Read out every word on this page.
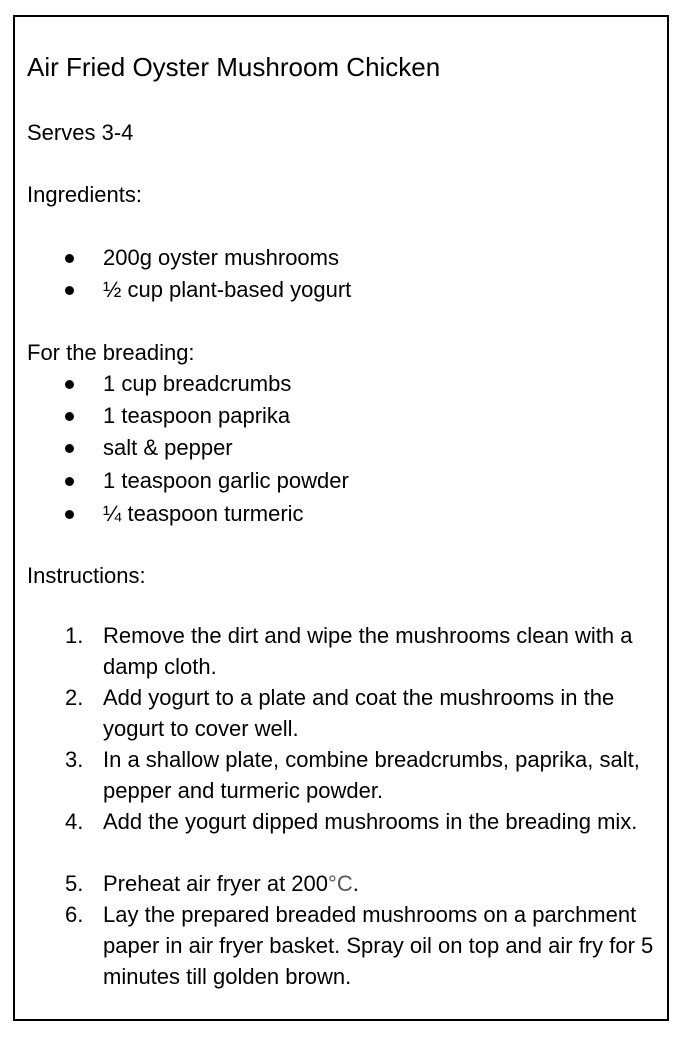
Air Fried Oyster Mushroom Chicken
Serves 3-4
Ingredients:
200g oyster mushrooms
½ cup plant-based yogurt
For the breading:
1 cup breadcrumbs
1 teaspoon paprika
salt & pepper
1 teaspoon garlic powder
¼ teaspoon turmeric
Instructions:
1. Remove the dirt and wipe the mushrooms clean with a damp cloth.
2. Add yogurt to a plate and coat the mushrooms in the yogurt to cover well.
3. In a shallow plate, combine breadcrumbs, paprika, salt, pepper and turmeric powder.
4. Add the yogurt dipped mushrooms in the breading mix.
5. Preheat air fryer at 200°C.
6. Lay the prepared breaded mushrooms on a parchment paper in air fryer basket. Spray oil on top and air fry for 5 minutes till golden brown.
